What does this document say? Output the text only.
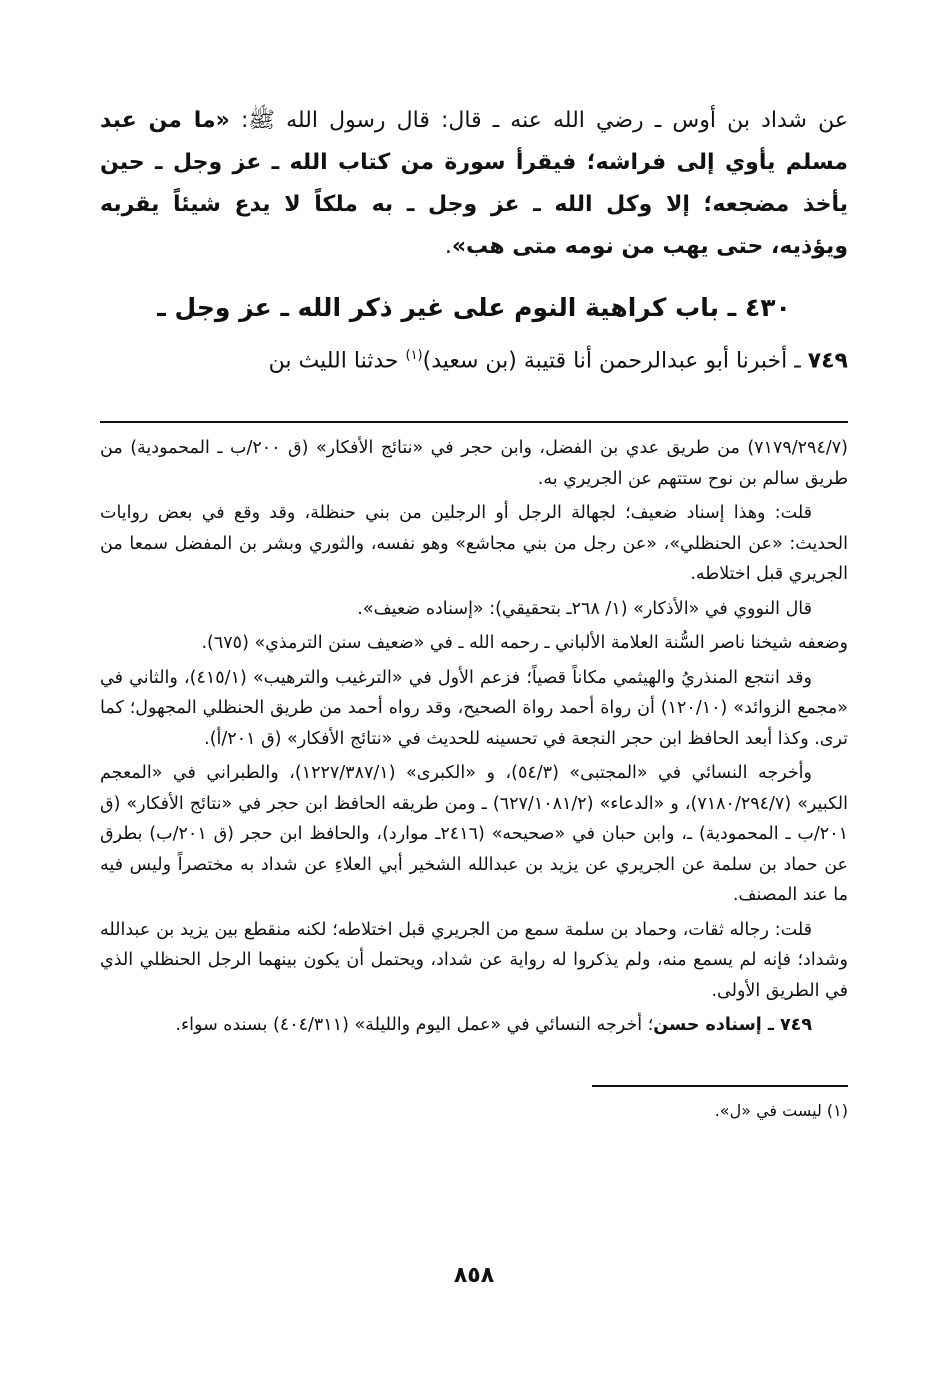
عن شداد بن أوس ـ رضي الله عنه ـ قال: قال رسول الله ﷺ: «ما من عبد مسلم يأوي إلى فراشه؛ فيقرأ سورة من كتاب الله ـ عز وجل ـ حين يأخذ مضجعه؛ إلا وكل الله ـ عز وجل ـ به ملكاً لا يدع شيئاً يقربه ويؤذيه، حتى يهب من نومه متى هب».

٤٣٠ ـ باب كراهية النوم على غير ذكر الله ـ عز وجل ـ

٧٤٩ ـ أخبرنا أبو عبدالرحمن أنا قتيبة (بن سعيد)$^{(١)}$ حدثنا الليث بن

(٧١٧٩/٢٩٤/٧) من طريق عدي بن الفضل، وابن حجر في «نتائج الأفكار» (ق ٢٠٠/ب ـ المحمودية) من طريق سالم بن نوح ستتهم عن الجريري به.

قلت: وهذا إسناد ضعيف؛ لجهالة الرجل أو الرجلين من بني حنظلة، وقد وقع في بعض روايات الحديث: «عن الحنظلي»، «عن رجل من بني مجاشع» وهو نفسه، والثوري وبشر بن المفضل سمعا من الجريري قبل اختلاطه.

قال النووي في «الأذكار» (١/ ٢٦٨ـ بتحقيقي): «إسناده ضعيف».

وضعفه شيخنا ناصر السُّنة العلامة الألباني ـ رحمه الله ـ في «ضعيف سنن الترمذي» (٦٧٥).

وقد انتجع المنذريُ والهيثمي مكاناً قصياً؛ فزعم الأول في «الترغيب والترهيب» (٤١٥/١)، والثاني في «مجمع الزوائد» (١٢٠/١٠) أن رواة أحمد رواة الصحيح، وقد رواه أحمد من طريق الحنظلي المجهول؛ كما ترى. وكذا أبعد الحافظ ابن حجر النجعة في تحسينه للحديث في «نتائج الأفكار» (ق ٢٠١/أ).

وأخرجه النسائي في «المجتبى» (٥٤/٣)، و «الكبرى» (١٢٢٧/٣٨٧/١)، والطبراني في «المعجم الكبير» (٧١٨٠/٢٩٤/٧)، و «الدعاء» (٦٢٧/١٠٨١/٢) ـ ومن طريقه الحافظ ابن حجر في «نتائج الأفكار» (ق ٢٠١/ب ـ المحمودية) ـ، وابن حبان في «صحيحه» (٢٤١٦ـ موارد)، والحافظ ابن حجر (ق ٢٠١/ب) بطرق عن حماد بن سلمة عن الجريري عن يزيد بن عبدالله الشخير أبي العلاءِ عن شداد به مختصراً وليس فيه ما عند المصنف.

قلت: رجاله ثقات، وحماد بن سلمة سمع من الجريري قبل اختلاطه؛ لكنه منقطع بين يزيد بن عبدالله وشداد؛ فإنه لم يسمع منه، ولم يذكروا له رواية عن شداد، ويحتمل أن يكون بينهما الرجل الحنظلي الذي في الطريق الأولى.

٧٤٩ ـ إسناده حسن؛ أخرجه النسائي في «عمل اليوم والليلة» (٤٠٤/٣١١) بسنده سواء.

(١) ليست في «ل».

٨٥٨
